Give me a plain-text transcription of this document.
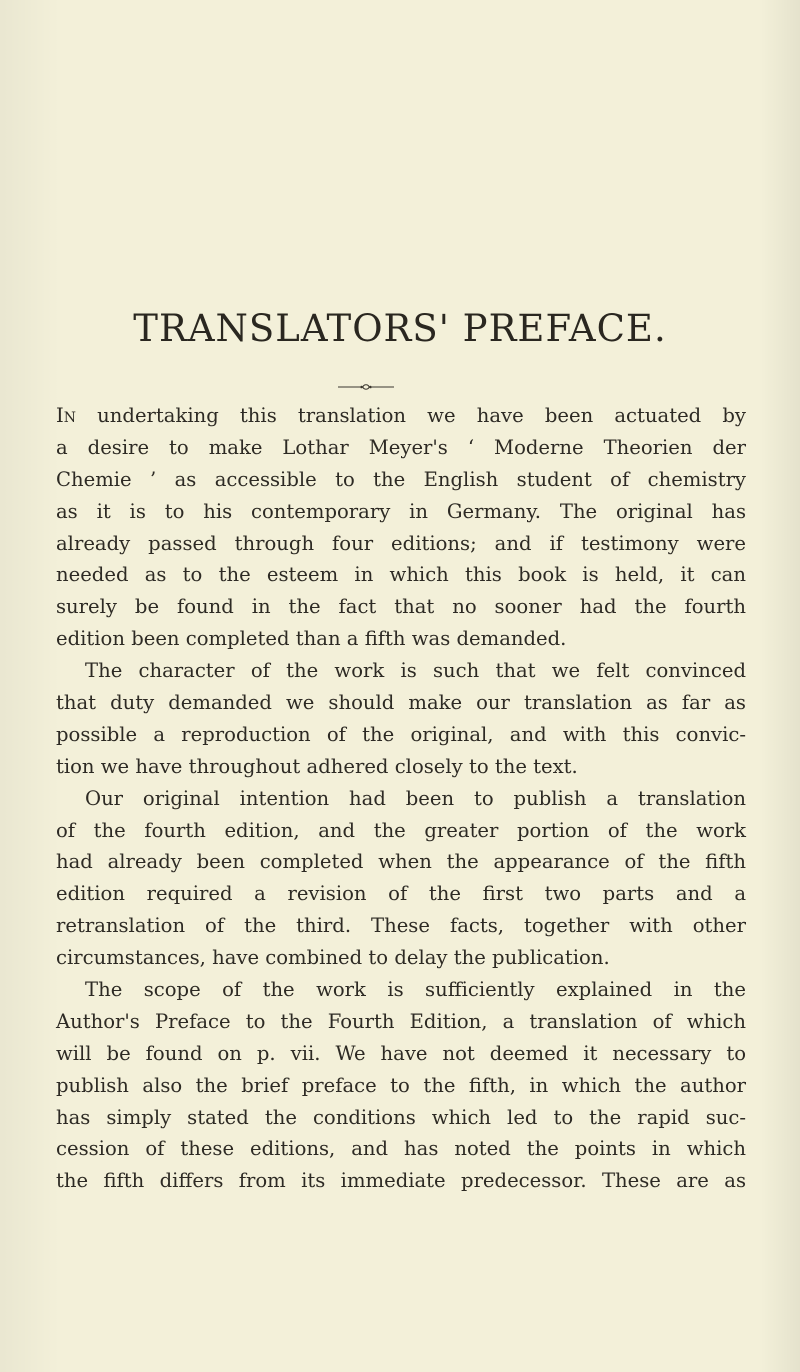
TRANSLATORS' PREFACE.
In undertaking this translation we have been actuated by
a desire to make Lothar Meyer's ‘ Moderne Theorien der
Chemie ’ as accessible to the English student of chemistry
as it is to his contemporary in Germany. The original has
already passed through four editions; and if testimony were
needed as to the esteem in which this book is held, it can
surely be found in the fact that no sooner had the fourth
edition been completed than a fifth was demanded.
The character of the work is such that we felt convinced
that duty demanded we should make our translation as far as
possible a reproduction of the original, and with this convic-
tion we have throughout adhered closely to the text.
Our original intention had been to publish a translation
of the fourth edition, and the greater portion of the work
had already been completed when the appearance of the fifth
edition required a revision of the first two parts and a
retranslation of the third. These facts, together with other
circumstances, have combined to delay the publication.
The scope of the work is sufficiently explained in the
Author's Preface to the Fourth Edition, a translation of which
will be found on p. vii. We have not deemed it necessary to
publish also the brief preface to the fifth, in which the author
has simply stated the conditions which led to the rapid suc-
cession of these editions, and has noted the points in which
the fifth differs from its immediate predecessor. These are as
